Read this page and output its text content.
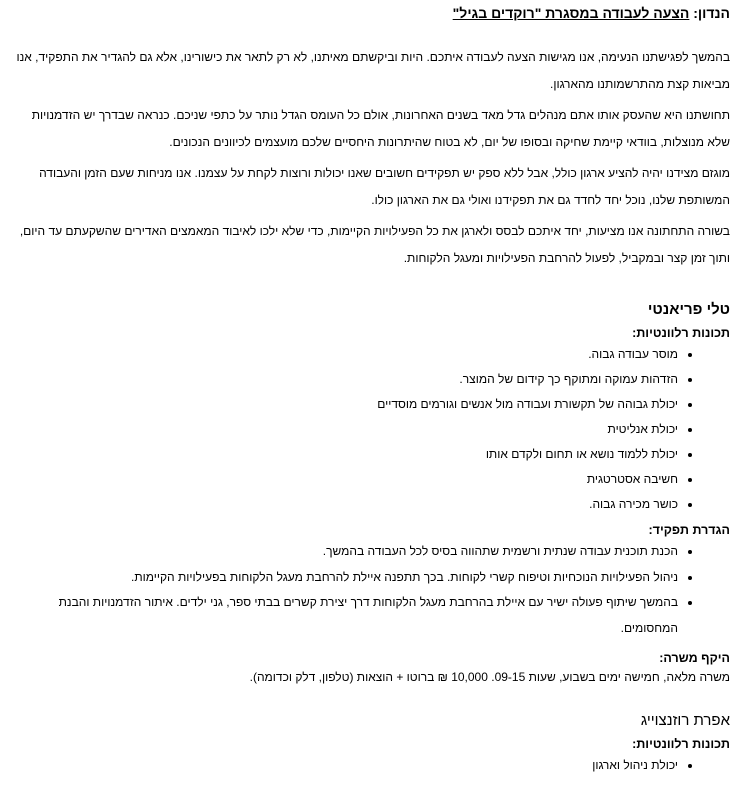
הנדון: הצעה לעבודה במסגרת "רוקדים בגיל"

בהמשך לפגישתנו הנעימה, אנו מגישות הצעה לעבודה איתכם. היות וביקשתם מאיתנו, לא רק לתאר את כישורינו, אלא גם להגדיר את התפקיד, אנו מביאות קצת מהתרשמותנו מהארגון.

תחושתנו היא שהעסק אותו אתם מנהלים גדל מאד בשנים האחרונות, אולם כל העומס הגדל נותר על כתפי שניכם. כנראה שבדרך יש הזדמנויות שלא מנוצלות, בוודאי קיימת שחיקה ובסופו של יום, לא בטוח שהיתרונות היחסיים שלכם מועצמים לכיוונים הנכונים.

מוגזם מצידנו יהיה להציע ארגון כולל, אבל ללא ספק יש תפקידים חשובים שאנו יכולות ורוצות לקחת על עצמנו. אנו מניחות שעם הזמן והעבודה המשותפת שלנו, נוכל יחד לחדד גם את תפקידנו ואולי גם את הארגון כולו.

בשורה התחתונה אנו מציעות, יחד איתכם לבסס ולארגן את כל הפעילויות הקיימות, כדי שלא ילכו לאיבוד המאמצים האדירים שהשקעתם עד היום, ותוך זמן קצר ובמקביל, לפעול להרחבת הפעילויות ומעגל הלקוחות.

טלי פריאנטי

תכונות רלוונטיות:

• מוסר עבודה גבוה.
• הזדהות עמוקה ומתוקף כך קידום של המוצר.
• יכולת גבוהה של תקשורת ועבודה מול אנשים וגורמים מוסדיים
• יכולת אנליטית
• יכולת ללמוד נושא או תחום ולקדם אותו
• חשיבה אסטרטגית
• כושר מכירה גבוה.

הגדרת תפקיד:

• הכנת תוכנית עבודה שנתית ורשמית שתהווה בסיס לכל העבודה בהמשך.
• ניהול הפעילויות הנוכחיות וטיפוח קשרי לקוחות. בכך תתפנה איילת להרחבת מעגל הלקוחות בפעילויות הקיימות.
• בהמשך שיתוף פעולה ישיר עם איילת בהרחבת מעגל הלקוחות דרך יצירת קשרים בבתי ספר, גני ילדים. איתור הזדמנויות והבנת המחסומים.

היקף משרה:

משרה מלאה, חמישה ימים בשבוע, שעות 09-15. 10,000 ₪ ברוטו + הוצאות (טלפון, דלק וכדומה).

אפרת רוזנצוייג

תכונות רלוונטיות:

• יכולת ניהול וארגון
